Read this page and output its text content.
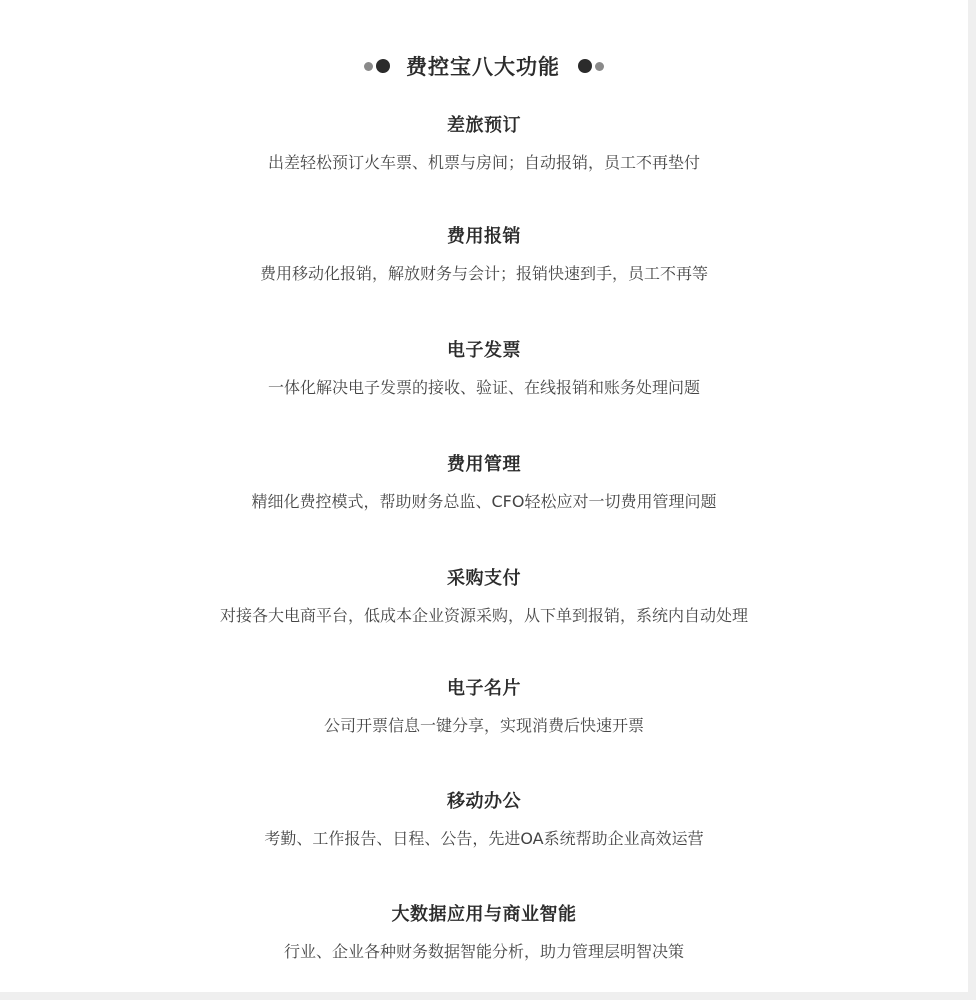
费控宝八大功能
差旅预订
出差轻松预订火车票、机票与房间；自动报销，员工不再垫付
费用报销
费用移动化报销，解放财务与会计；报销快速到手，员工不再等
电子发票
一体化解决电子发票的接收、验证、在线报销和账务处理问题
费用管理
精细化费控模式，帮助财务总监、CFO轻松应对一切费用管理问题
采购支付
对接各大电商平台，低成本企业资源采购，从下单到报销，系统内自动处理
电子名片
公司开票信息一键分享，实现消费后快速开票
移动办公
考勤、工作报告、日程、公告，先进OA系统帮助企业高效运营
大数据应用与商业智能
行业、企业各种财务数据智能分析，助力管理层明智决策
